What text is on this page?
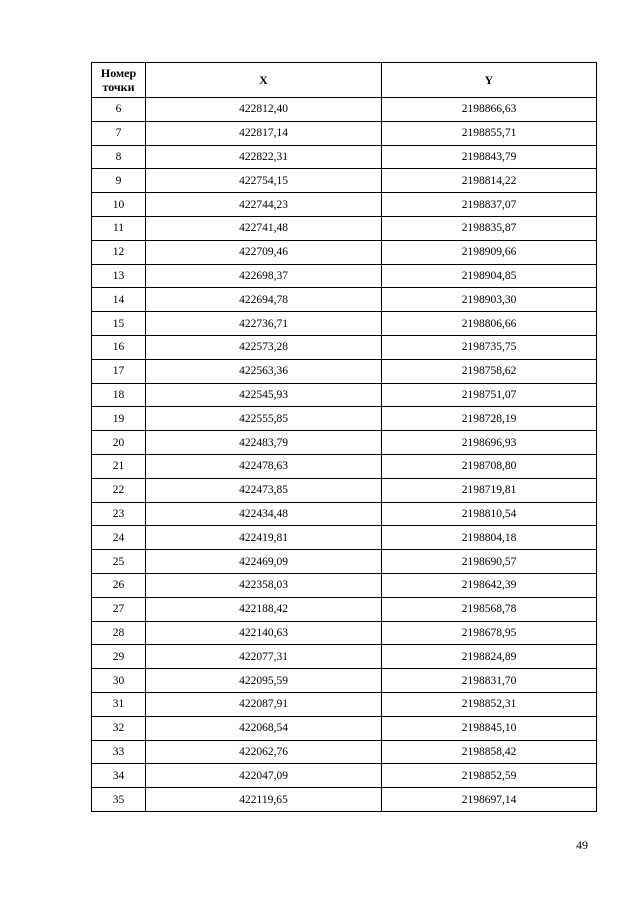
Номер точки	X	Y
6	422812,40	2198866,63
7	422817,14	2198855,71
8	422822,31	2198843,79
9	422754,15	2198814,22
10	422744,23	2198837,07
11	422741,48	2198835,87
12	422709,46	2198909,66
13	422698,37	2198904,85
14	422694,78	2198903,30
15	422736,71	2198806,66
16	422573,28	2198735,75
17	422563,36	2198758,62
18	422545,93	2198751,07
19	422555,85	2198728,19
20	422483,79	2198696,93
21	422478,63	2198708,80
22	422473,85	2198719,81
23	422434,48	2198810,54
24	422419,81	2198804,18
25	422469,09	2198690,57
26	422358,03	2198642,39
27	422188,42	2198568,78
28	422140,63	2198678,95
29	422077,31	2198824,89
30	422095,59	2198831,70
31	422087,91	2198852,31
32	422068,54	2198845,10
33	422062,76	2198858,42
34	422047,09	2198852,59
35	422119,65	2198697,14
49
